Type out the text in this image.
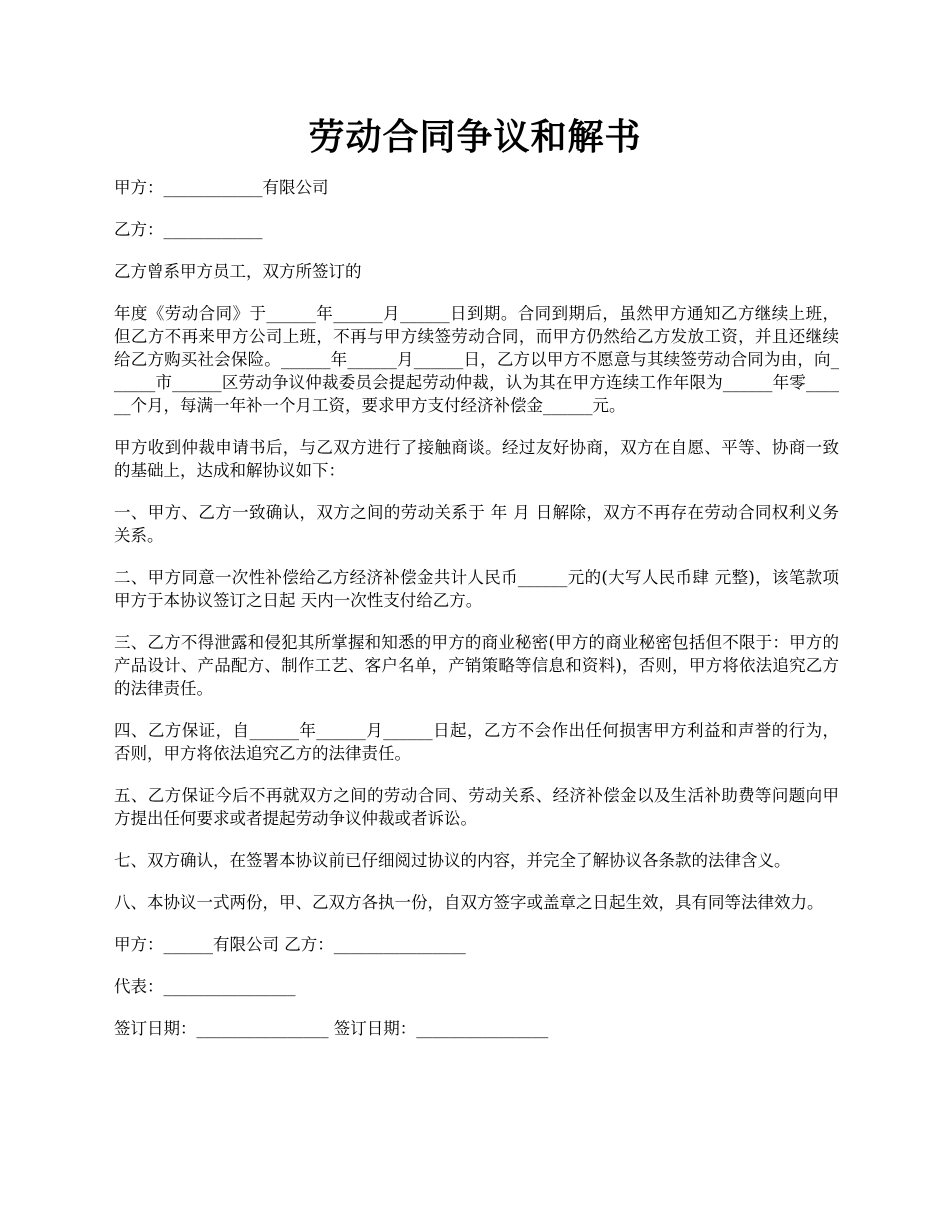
劳动合同争议和解书

甲方：____________有限公司

乙方：____________

乙方曾系甲方员工，双方所签订的

年度《劳动合同》于______年______月______日到期。合同到期后，虽然甲方通知乙方继续上班，但乙方不再来甲方公司上班，不再与甲方续签劳动合同，而甲方仍然给乙方发放工资，并且还继续给乙方购买社会保险。______年______月______日，乙方以甲方不愿意与其续签劳动合同为由，向______市______区劳动争议仲裁委员会提起劳动仲裁，认为其在甲方连续工作年限为______年零______个月，每满一年补一个月工资，要求甲方支付经济补偿金______元。

甲方收到仲裁申请书后，与乙双方进行了接触商谈。经过友好协商，双方在自愿、平等、协商一致的基础上，达成和解协议如下：

一、甲方、乙方一致确认，双方之间的劳动关系于 年 月 日解除，双方不再存在劳动合同权利义务关系。

二、甲方同意一次性补偿给乙方经济补偿金共计人民币______元的(大写人民币肆 元整)，该笔款项甲方于本协议签订之日起 天内一次性支付给乙方。

三、乙方不得泄露和侵犯其所掌握和知悉的甲方的商业秘密(甲方的商业秘密包括但不限于：甲方的产品设计、产品配方、制作工艺、客户名单，产销策略等信息和资料)，否则，甲方将依法追究乙方的法律责任。

四、乙方保证，自______年______月______日起，乙方不会作出任何损害甲方利益和声誉的行为，否则，甲方将依法追究乙方的法律责任。

五、乙方保证今后不再就双方之间的劳动合同、劳动关系、经济补偿金以及生活补助费等问题向甲方提出任何要求或者提起劳动争议仲裁或者诉讼。

七、双方确认，在签署本协议前已仔细阅过协议的内容，并完全了解协议各条款的法律含义。

八、本协议一式两份，甲、乙双方各执一份，自双方签字或盖章之日起生效，具有同等法律效力。

甲方：______有限公司 乙方：________________

代表：________________

签订日期：________________ 签订日期：________________
